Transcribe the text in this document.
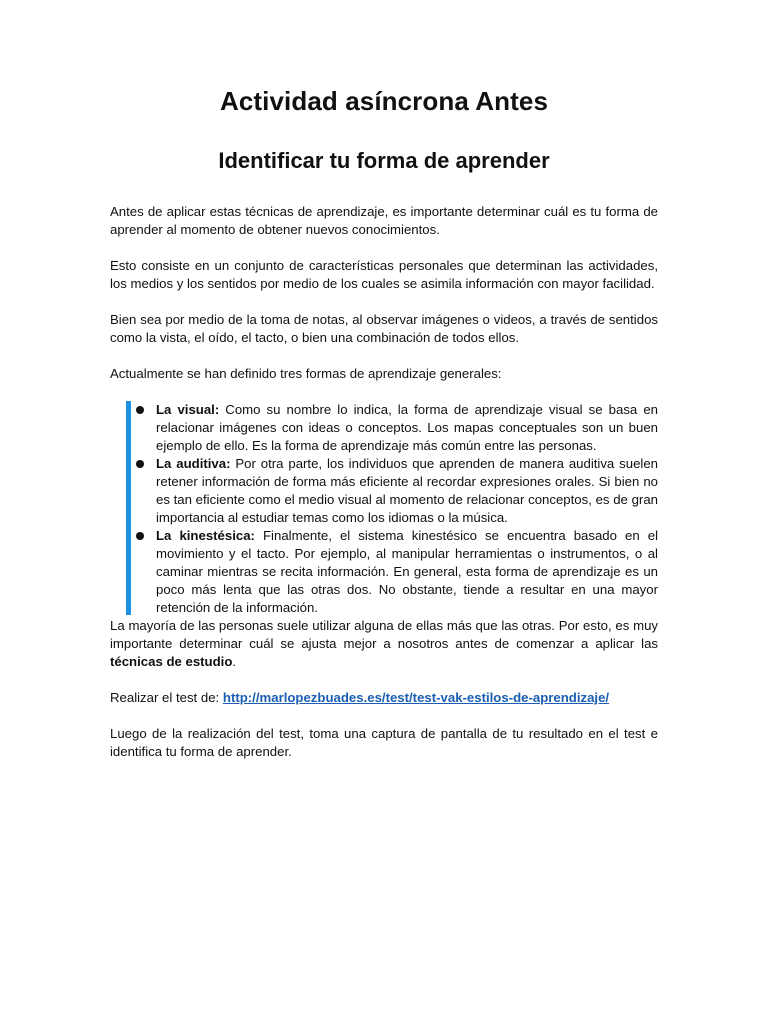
Actividad asíncrona Antes
Identificar tu forma de aprender

Antes de aplicar estas técnicas de aprendizaje, es importante determinar cuál es tu forma de aprender al momento de obtener nuevos conocimientos.

Esto consiste en un conjunto de características personales que determinan las actividades, los medios y los sentidos por medio de los cuales se asimila información con mayor facilidad.

Bien sea por medio de la toma de notas, al observar imágenes o videos, a través de sentidos como la vista, el oído, el tacto, o bien una combinación de todos ellos.

Actualmente se han definido tres formas de aprendizaje generales:

La visual: Como su nombre lo indica, la forma de aprendizaje visual se basa en relacionar imágenes con ideas o conceptos. Los mapas conceptuales son un buen ejemplo de ello. Es la forma de aprendizaje más común entre las personas.
La auditiva: Por otra parte, los individuos que aprenden de manera auditiva suelen retener información de forma más eficiente al recordar expresiones orales. Si bien no es tan eficiente como el medio visual al momento de relacionar conceptos, es de gran importancia al estudiar temas como los idiomas o la música.
La kinestésica: Finalmente, el sistema kinestésico se encuentra basado en el movimiento y el tacto. Por ejemplo, al manipular herramientas o instrumentos, o al caminar mientras se recita información. En general, esta forma de aprendizaje es un poco más lenta que las otras dos. No obstante, tiende a resultar en una mayor retención de la información.

La mayoría de las personas suele utilizar alguna de ellas más que las otras. Por esto, es muy importante determinar cuál se ajusta mejor a nosotros antes de comenzar a aplicar las técnicas de estudio.

Realizar el test de: http://marlopezbuades.es/test/test-vak-estilos-de-aprendizaje/

Luego de la realización del test, toma una captura de pantalla de tu resultado en el test e identifica tu forma de aprender.
